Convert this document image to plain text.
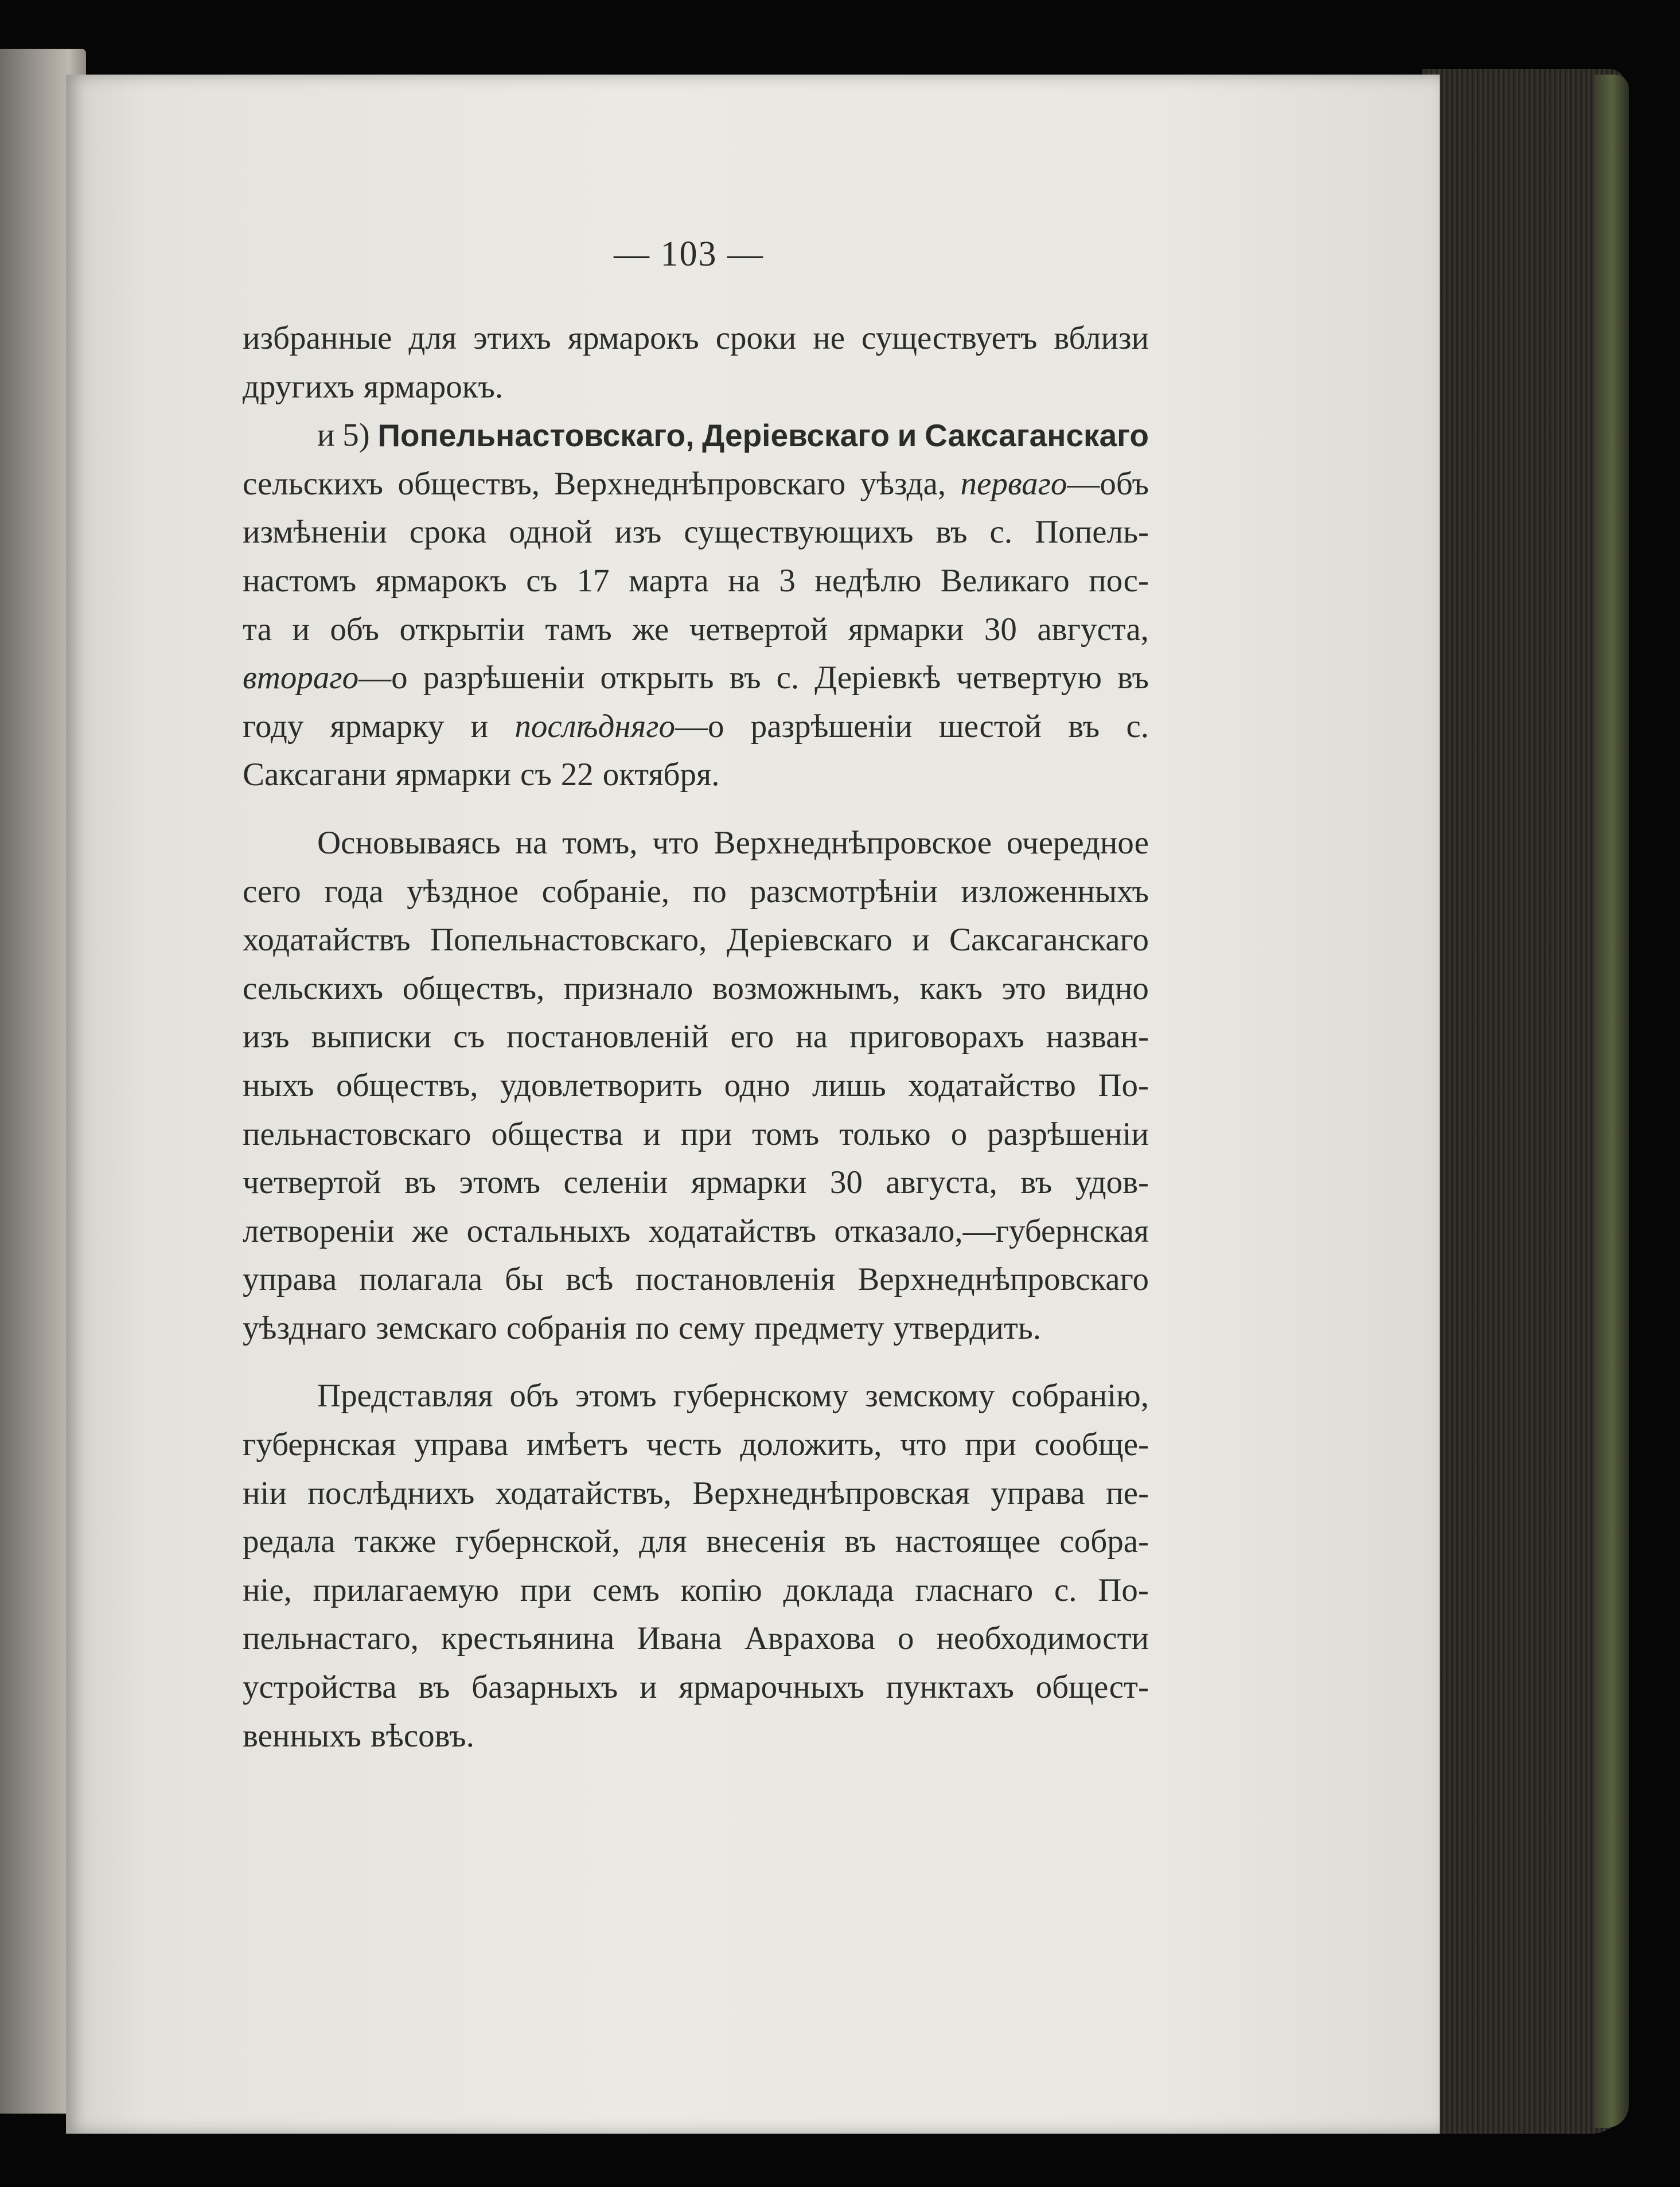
— 103 —
избранные для этихъ ярмарокъ сроки не существуетъ вблизи
другихъ ярмарокъ.
и 5) Попельнастовскаго, Деріевскаго и Саксаганскаго
сельскихъ обществъ, Верхнеднѣпровскаго уѣзда, перваго—объ
измѣненіи срока одной изъ существующихъ въ с. Попель-
настомъ ярмарокъ съ 17 марта на 3 недѣлю Великаго пос-
та и объ открытіи тамъ же четвертой ярмарки 30 августа,
втораго—о разрѣшеніи открыть въ с. Деріевкѣ четвертую въ
году ярмарку и послѣдняго—о разрѣшеніи шестой въ с.
Саксагани ярмарки съ 22 октября.
Основываясь на томъ, что Верхнеднѣпровское очередное
сего года уѣздное собраніе, по разсмотрѣніи изложенныхъ
ходатайствъ Попельнастовскаго, Деріевскаго и Саксаганскаго
сельскихъ обществъ, признало возможнымъ, какъ это видно
изъ выписки съ постановленій его на приговорахъ назван-
ныхъ обществъ, удовлетворить одно лишь ходатайство По-
пельнастовскаго общества и при томъ только о разрѣшеніи
четвертой въ этомъ селеніи ярмарки 30 августа, въ удов-
летвореніи же остальныхъ ходатайствъ отказало,—губернская
управа полагала бы всѣ постановленія Верхнеднѣпровскаго
уѣзднаго земскаго собранія по сему предмету утвердить.
Представляя объ этомъ губернскому земскому собранію,
губернская управа имѣетъ честь доложить, что при сообще-
ніи послѣднихъ ходатайствъ, Верхнеднѣпровская управа пе-
редала также губернской, для внесенія въ настоящее собра-
ніе, прилагаемую при семъ копію доклада гласнаго с. По-
пельнастаго, крестьянина Ивана Аврахова о необходимости
устройства въ базарныхъ и ярмарочныхъ пунктахъ общест-
венныхъ вѣсовъ.
